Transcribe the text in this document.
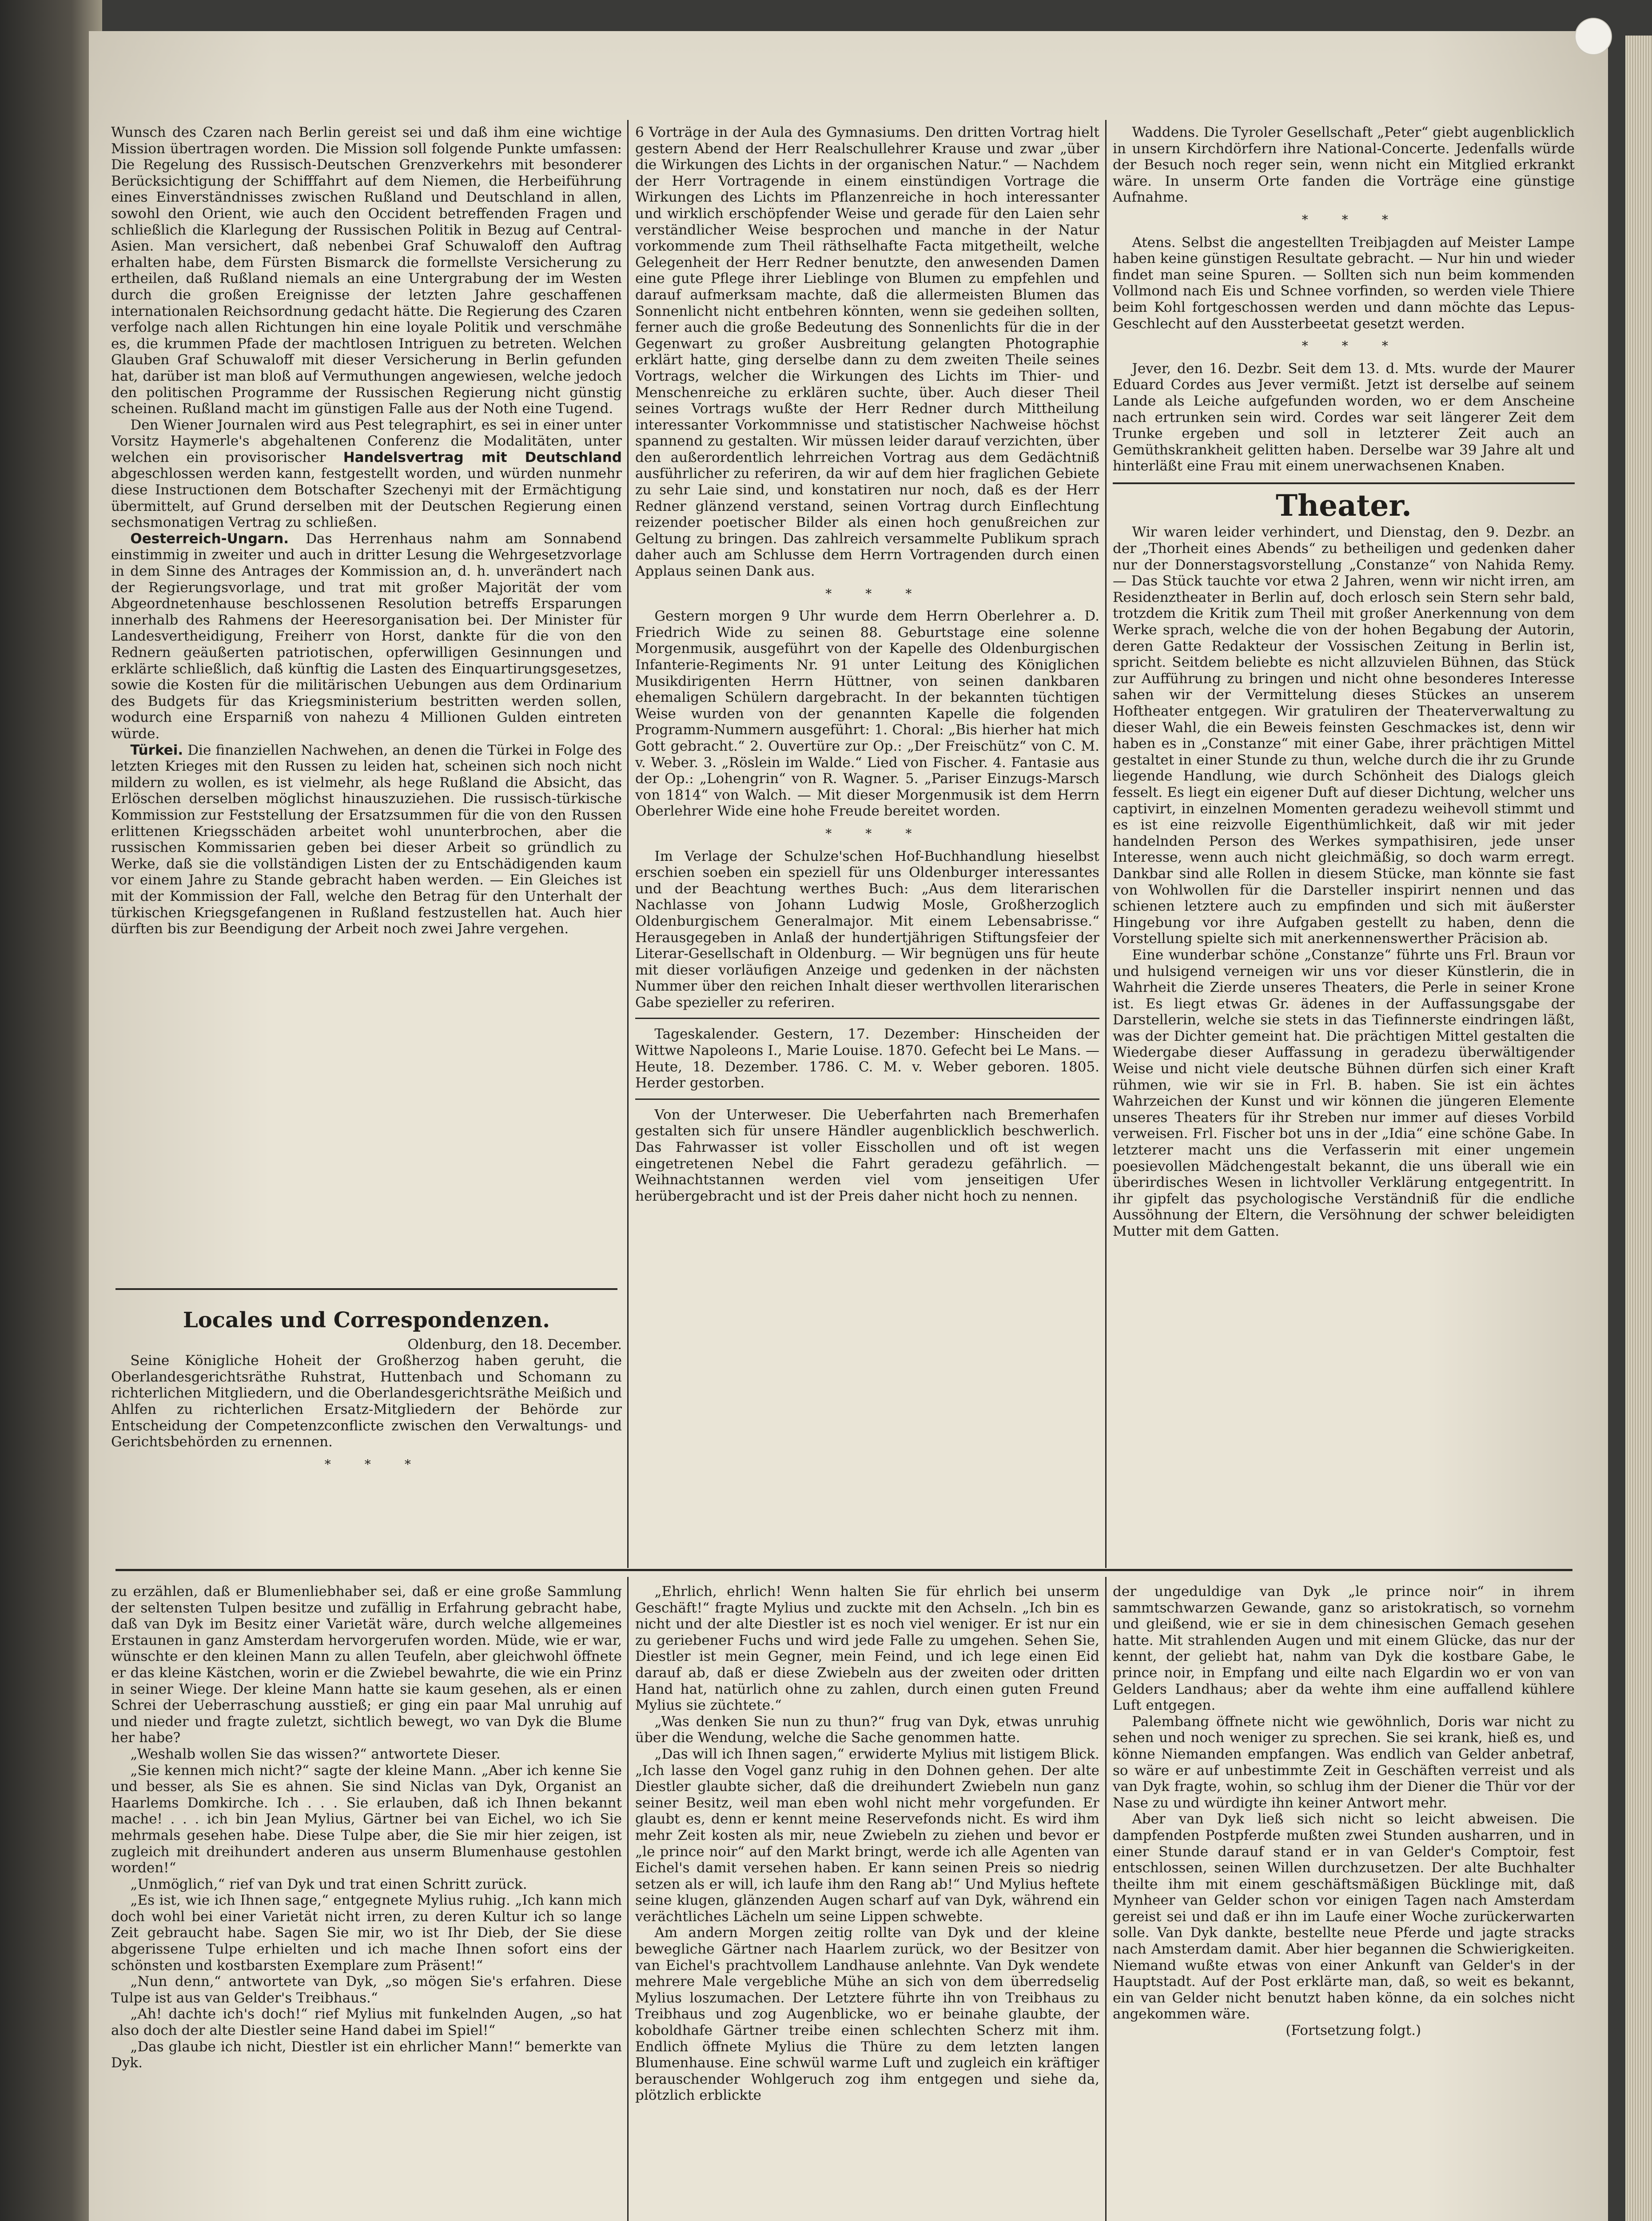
Wunsch des Czaren nach Berlin gereist sei und daß ihm eine wichtige Mission übertragen worden. Die Mission soll folgende Punkte umfassen: Die Regelung des Russisch-Deutschen Grenzverkehrs mit besonderer Berücksichtigung der Schifffahrt auf dem Niemen, die Herbeiführung eines Einverständnisses zwischen Rußland und Deutschland in allen, sowohl den Orient, wie auch den Occident betreffenden Fragen und schließlich die Klarlegung der Russischen Politik in Bezug auf Central-Asien. Man versichert, daß nebenbei Graf Schuwaloff den Auftrag erhalten habe, dem Fürsten Bismarck die formellste Versicherung zu ertheilen, daß Rußland niemals an eine Untergrabung der im Westen durch die großen Ereignisse der letzten Jahre geschaffenen internationalen Reichsordnung gedacht hätte. Die Regierung des Czaren verfolge nach allen Richtungen hin eine loyale Politik und verschmähe es, die krummen Pfade der machtlosen Intriguen zu betreten. Welchen Glauben Graf Schuwaloff mit dieser Versicherung in Berlin gefunden hat, darüber ist man bloß auf Vermuthungen angewiesen, welche jedoch den politischen Programme der Russischen Regierung nicht günstig scheinen. Rußland macht im günstigen Falle aus der Noth eine Tugend.

Den Wiener Journalen wird aus Pest telegraphirt, es sei in einer unter Vorsitz Haymerle's abgehaltenen Conferenz die Modalitäten, unter welchen ein provisorischer Handelsvertrag mit Deutschland abgeschlossen werden kann, festgestellt worden, und würden nunmehr diese Instructionen dem Botschafter Szechenyi mit der Ermächtigung übermittelt, auf Grund derselben mit der Deutschen Regierung einen sechsmonatigen Vertrag zu schließen.

Oesterreich-Ungarn. Das Herrenhaus nahm am Sonnabend einstimmig in zweiter und auch in dritter Lesung die Wehrgesetzvorlage in dem Sinne des Antrages der Kommission an, d. h. unverändert nach der Regierungsvorlage, und trat mit großer Majorität der vom Abgeordnetenhause beschlossenen Resolution betreffs Ersparungen innerhalb des Rahmens der Heeresorganisation bei. Der Minister für Landesvertheidigung, Freiherr von Horst, dankte für die von den Rednern geäußerten patriotischen, opferwilligen Gesinnungen und erklärte schließlich, daß künftig die Lasten des Einquartirungsgesetzes, sowie die Kosten für die militärischen Uebungen aus dem Ordinarium des Budgets für das Kriegsministerium bestritten werden sollen, wodurch eine Ersparniß von nahezu 4 Millionen Gulden eintreten würde.

Türkei. Die finanziellen Nachwehen, an denen die Türkei in Folge des letzten Krieges mit den Russen zu leiden hat, scheinen sich noch nicht mildern zu wollen, es ist vielmehr, als hege Rußland die Absicht, das Erlöschen derselben möglichst hinauszuziehen. Die russisch-türkische Kommission zur Feststellung der Ersatzsummen für die von den Russen erlittenen Kriegsschäden arbeitet wohl ununterbrochen, aber die russischen Kommissarien geben bei dieser Arbeit so gründlich zu Werke, daß sie die vollständigen Listen der zu Entschädigenden kaum vor einem Jahre zu Stande gebracht haben werden. — Ein Gleiches ist mit der Kommission der Fall, welche den Betrag für den Unterhalt der türkischen Kriegsgefangenen in Rußland festzustellen hat. Auch hier dürften bis zur Beendigung der Arbeit noch zwei Jahre vergehen.

Locales und Correspondenzen.

Oldenburg, den 18. December.

Seine Königliche Hoheit der Großherzog haben geruht, die Oberlandesgerichtsräthe Ruhstrat, Huttenbach und Schomann zu richterlichen Mitgliedern, und die Oberlandesgerichtsräthe Meißich und Ahlfen zu richterlichen Ersatz-Mitgliedern der Behörde zur Entscheidung der Competenzconflicte zwischen den Verwaltungs- und Gerichtsbehörden zu ernennen.

* * *

6 Vorträge in der Aula des Gymnasiums. Den dritten Vortrag hielt gestern Abend der Herr Realschullehrer Krause und zwar „über die Wirkungen des Lichts in der organischen Natur.“ — Nachdem der Herr Vortragende in einem einstündigen Vortrage die Wirkungen des Lichts im Pflanzenreiche in hoch interessanter und wirklich erschöpfender Weise und gerade für den Laien sehr verständlicher Weise besprochen und manche in der Natur vorkommende zum Theil räthselhafte Facta mitgetheilt, welche Gelegenheit der Herr Redner benutzte, den anwesenden Damen eine gute Pflege ihrer Lieblinge von Blumen zu empfehlen und darauf aufmerksam machte, daß die allermeisten Blumen das Sonnenlicht nicht entbehren könnten, wenn sie gedeihen sollten, ferner auch die große Bedeutung des Sonnenlichts für die in der Gegenwart zu großer Ausbreitung gelangten Photographie erklärt hatte, ging derselbe dann zu dem zweiten Theile seines Vortrags, welcher die Wirkungen des Lichts im Thier- und Menschenreiche zu erklären suchte, über. Auch dieser Theil seines Vortrags wußte der Herr Redner durch Mittheilung interessanter Vorkommnisse und statistischer Nachweise höchst spannend zu gestalten. Wir müssen leider darauf verzichten, über den außerordentlich lehrreichen Vortrag aus dem Gedächtniß ausführlicher zu referiren, da wir auf dem hier fraglichen Gebiete zu sehr Laie sind, und konstatiren nur noch, daß es der Herr Redner glänzend verstand, seinen Vortrag durch Einflechtung reizender poetischer Bilder als einen hoch genußreichen zur Geltung zu bringen. Das zahlreich versammelte Publikum sprach daher auch am Schlusse dem Herrn Vortragenden durch einen Applaus seinen Dank aus.

* * *

Gestern morgen 9 Uhr wurde dem Herrn Oberlehrer a. D. Friedrich Wide zu seinen 88. Geburtstage eine solenne Morgenmusik, ausgeführt von der Kapelle des Oldenburgischen Infanterie-Regiments Nr. 91 unter Leitung des Königlichen Musikdirigenten Herrn Hüttner, von seinen dankbaren ehemaligen Schülern dargebracht. In der bekannten tüchtigen Weise wurden von der genannten Kapelle die folgenden Programm-Nummern ausgeführt: 1. Choral: „Bis hierher hat mich Gott gebracht.“ 2. Ouvertüre zur Op.: „Der Freischütz“ von C. M. v. Weber. 3. „Röslein im Walde.“ Lied von Fischer. 4. Fantasie aus der Op.: „Lohengrin“ von R. Wagner. 5. „Pariser Einzugs-Marsch von 1814“ von Walch. — Mit dieser Morgenmusik ist dem Herrn Oberlehrer Wide eine hohe Freude bereitet worden.

* * *

Im Verlage der Schulze'schen Hof-Buchhandlung hieselbst erschien soeben ein speziell für uns Oldenburger interessantes und der Beachtung werthes Buch: „Aus dem literarischen Nachlasse von Johann Ludwig Mosle, Großherzoglich Oldenburgischem Generalmajor. Mit einem Lebensabrisse.“ Herausgegeben in Anlaß der hundertjährigen Stiftungsfeier der Literar-Gesellschaft in Oldenburg. — Wir begnügen uns für heute mit dieser vorläufigen Anzeige und gedenken in der nächsten Nummer über den reichen Inhalt dieser werthvollen literarischen Gabe spezieller zu referiren.

Tageskalender. Gestern, 17. Dezember: Hinscheiden der Wittwe Napoleons I., Marie Louise. 1870. Gefecht bei Le Mans. — Heute, 18. Dezember. 1786. C. M. v. Weber geboren. 1805. Herder gestorben.

Von der Unterweser. Die Ueberfahrten nach Bremerhafen gestalten sich für unsere Händler augenblicklich beschwerlich. Das Fahrwasser ist voller Eisschollen und oft ist wegen eingetretenen Nebel die Fahrt geradezu gefährlich. — Weihnachtstannen werden viel vom jenseitigen Ufer herübergebracht und ist der Preis daher nicht hoch zu nennen.

Waddens. Die Tyroler Gesellschaft „Peter“ giebt augenblicklich in unsern Kirchdörfern ihre National-Concerte. Jedenfalls würde der Besuch noch reger sein, wenn nicht ein Mitglied erkrankt wäre. In unserm Orte fanden die Vorträge eine günstige Aufnahme.

* * *

Atens. Selbst die angestellten Treibjagden auf Meister Lampe haben keine günstigen Resultate gebracht. — Nur hin und wieder findet man seine Spuren. — Sollten sich nun beim kommenden Vollmond nach Eis und Schnee vorfinden, so werden viele Thiere beim Kohl fortgeschossen werden und dann möchte das Lepus-Geschlecht auf den Aussterbeetat gesetzt werden.

* * *

Jever, den 16. Dezbr. Seit dem 13. d. Mts. wurde der Maurer Eduard Cordes aus Jever vermißt. Jetzt ist derselbe auf seinem Lande als Leiche aufgefunden worden, wo er dem Anscheine nach ertrunken sein wird. Cordes war seit längerer Zeit dem Trunke ergeben und soll in letzterer Zeit auch an Gemüthskrankheit gelitten haben. Derselbe war 39 Jahre alt und hinterläßt eine Frau mit einem unerwachsenen Knaben.

Theater.

Wir waren leider verhindert, und Dienstag, den 9. Dezbr. an der „Thorheit eines Abends“ zu betheiligen und gedenken daher nur der Donnerstagsvorstellung „Constanze“ von Nahida Remy. — Das Stück tauchte vor etwa 2 Jahren, wenn wir nicht irren, am Residenztheater in Berlin auf, doch erlosch sein Stern sehr bald, trotzdem die Kritik zum Theil mit großer Anerkennung von dem Werke sprach, welche die von der hohen Begabung der Autorin, deren Gatte Redakteur der Vossischen Zeitung in Berlin ist, spricht. Seitdem beliebte es nicht allzuvielen Bühnen, das Stück zur Aufführung zu bringen und nicht ohne besonderes Interesse sahen wir der Vermittelung dieses Stückes an unserem Hoftheater entgegen. Wir gratuliren der Theaterverwaltung zu dieser Wahl, die ein Beweis feinsten Geschmackes ist, denn wir haben es in „Constanze“ mit einer Gabe, ihrer prächtigen Mittel gestaltet in einer Stunde zu thun, welche durch die ihr zu Grunde liegende Handlung, wie durch Schönheit des Dialogs gleich fesselt. Es liegt ein eigener Duft auf dieser Dichtung, welcher uns captivirt, in einzelnen Momenten geradezu weihevoll stimmt und es ist eine reizvolle Eigenthümlichkeit, daß wir mit jeder handelnden Person des Werkes sympathisiren, jede unser Interesse, wenn auch nicht gleichmäßig, so doch warm erregt. Dankbar sind alle Rollen in diesem Stücke, man könnte sie fast von Wohlwollen für die Darsteller inspirirt nennen und das schienen letztere auch zu empfinden und sich mit äußerster Hingebung vor ihre Aufgaben gestellt zu haben, denn die Vorstellung spielte sich mit anerkennenswerther Präcision ab.

Eine wunderbar schöne „Constanze“ führte uns Frl. Braun vor und hulsigend verneigen wir uns vor dieser Künstlerin, die in Wahrheit die Zierde unseres Theaters, die Perle in seiner Krone ist. Es liegt etwas Gr. ädenes in der Auffassungsgabe der Darstellerin, welche sie stets in das Tiefinnerste eindringen läßt, was der Dichter gemeint hat. Die prächtigen Mittel gestalten die Wiedergabe dieser Auffassung in geradezu überwältigender Weise und nicht viele deutsche Bühnen dürfen sich einer Kraft rühmen, wie wir sie in Frl. B. haben. Sie ist ein ächtes Wahrzeichen der Kunst und wir können die jüngeren Elemente unseres Theaters für ihr Streben nur immer auf dieses Vorbild verweisen. Frl. Fischer bot uns in der „Idia“ eine schöne Gabe. In letzterer macht uns die Verfasserin mit einer ungemein poesievollen Mädchengestalt bekannt, die uns überall wie ein überirdisches Wesen in lichtvoller Verklärung entgegentritt. In ihr gipfelt das psychologische Verständniß für die endliche Aussöhnung der Eltern, die Versöhnung der schwer beleidigten Mutter mit dem Gatten.

zu erzählen, daß er Blumenliebhaber sei, daß er eine große Sammlung der seltensten Tulpen besitze und zufällig in Erfahrung gebracht habe, daß van Dyk im Besitz einer Varietät wäre, durch welche allgemeines Erstaunen in ganz Amsterdam hervorgerufen worden. Müde, wie er war, wünschte er den kleinen Mann zu allen Teufeln, aber gleichwohl öffnete er das kleine Kästchen, worin er die Zwiebel bewahrte, die wie ein Prinz in seiner Wiege. Der kleine Mann hatte sie kaum gesehen, als er einen Schrei der Ueberraschung ausstieß; er ging ein paar Mal unruhig auf und nieder und fragte zuletzt, sichtlich bewegt, wo van Dyk die Blume her habe?

„Weshalb wollen Sie das wissen?“ antwortete Dieser.

„Sie kennen mich nicht?“ sagte der kleine Mann. „Aber ich kenne Sie und besser, als Sie es ahnen. Sie sind Niclas van Dyk, Organist an Haarlems Domkirche. Ich . . . Sie erlauben, daß ich Ihnen bekannt mache! . . . ich bin Jean Mylius, Gärtner bei van Eichel, wo ich Sie mehrmals gesehen habe. Diese Tulpe aber, die Sie mir hier zeigen, ist zugleich mit dreihundert anderen aus unserm Blumenhause gestohlen worden!“

„Unmöglich,“ rief van Dyk und trat einen Schritt zurück.

„Es ist, wie ich Ihnen sage,“ entgegnete Mylius ruhig. „Ich kann mich doch wohl bei einer Varietät nicht irren, zu deren Kultur ich so lange Zeit gebraucht habe. Sagen Sie mir, wo ist Ihr Dieb, der Sie diese abgerissene Tulpe erhielten und ich mache Ihnen sofort eins der schönsten und kostbarsten Exemplare zum Präsent!“

„Nun denn,“ antwortete van Dyk, „so mögen Sie's erfahren. Diese Tulpe ist aus van Gelder's Treibhaus.“

„Ah! dachte ich's doch!“ rief Mylius mit funkelnden Augen, „so hat also doch der alte Diestler seine Hand dabei im Spiel!“

„Das glaube ich nicht, Diestler ist ein ehrlicher Mann!“ bemerkte van Dyk.

„Ehrlich, ehrlich! Wenn halten Sie für ehrlich bei unserm Geschäft!“ fragte Mylius und zuckte mit den Achseln. „Ich bin es nicht und der alte Diestler ist es noch viel weniger. Er ist nur ein zu geriebener Fuchs und wird jede Falle zu umgehen. Sehen Sie, Diestler ist mein Gegner, mein Feind, und ich lege einen Eid darauf ab, daß er diese Zwiebeln aus der zweiten oder dritten Hand hat, natürlich ohne zu zahlen, durch einen guten Freund Mylius sie züchtete.“

„Was denken Sie nun zu thun?“ frug van Dyk, etwas unruhig über die Wendung, welche die Sache genommen hatte.

„Das will ich Ihnen sagen,“ erwiderte Mylius mit listigem Blick. „Ich lasse den Vogel ganz ruhig in den Dohnen gehen. Der alte Diestler glaubte sicher, daß die dreihundert Zwiebeln nun ganz seiner Besitz, weil man eben wohl nicht mehr vorgefunden. Er glaubt es, denn er kennt meine Reservefonds nicht. Es wird ihm mehr Zeit kosten als mir, neue Zwiebeln zu ziehen und bevor er „le prince noir“ auf den Markt bringt, werde ich alle Agenten van Eichel's damit versehen haben. Er kann seinen Preis so niedrig setzen als er will, ich laufe ihm den Rang ab!“ Und Mylius heftete seine klugen, glänzenden Augen scharf auf van Dyk, während ein verächtliches Lächeln um seine Lippen schwebte.

Am andern Morgen zeitig rollte van Dyk und der kleine bewegliche Gärtner nach Haarlem zurück, wo der Besitzer von van Eichel's prachtvollem Landhause anlehnte. Van Dyk wendete mehrere Male vergebliche Mühe an sich von dem überredselig Mylius loszumachen. Der Letztere führte ihn von Treibhaus zu Treibhaus und zog Augenblicke, wo er beinahe glaubte, der koboldhafe Gärtner treibe einen schlechten Scherz mit ihm. Endlich öffnete Mylius die Thüre zu dem letzten langen Blumenhause. Eine schwül warme Luft und zugleich ein kräftiger berauschender Wohlgeruch zog ihm entgegen und siehe da, plötzlich erblickte

der ungeduldige van Dyk „le prince noir“ in ihrem sammtschwarzen Gewande, ganz so aristokratisch, so vornehm und gleißend, wie er sie in dem chinesischen Gemach gesehen hatte. Mit strahlenden Augen und mit einem Glücke, das nur der kennt, der geliebt hat, nahm van Dyk die kostbare Gabe, le prince noir, in Empfang und eilte nach Elgardin wo er von van Gelders Landhaus; aber da wehte ihm eine auffallend kühlere Luft entgegen.

Palembang öffnete nicht wie gewöhnlich, Doris war nicht zu sehen und noch weniger zu sprechen. Sie sei krank, hieß es, und könne Niemanden empfangen. Was endlich van Gelder anbetraf, so wäre er auf unbestimmte Zeit in Geschäften verreist und als van Dyk fragte, wohin, so schlug ihm der Diener die Thür vor der Nase zu und würdigte ihn keiner Antwort mehr.

Aber van Dyk ließ sich nicht so leicht abweisen. Die dampfenden Postpferde mußten zwei Stunden ausharren, und in einer Stunde darauf stand er in van Gelder's Comptoir, fest entschlossen, seinen Willen durchzusetzen. Der alte Buchhalter theilte ihm mit einem geschäftsmäßigen Bücklinge mit, daß Mynheer van Gelder schon vor einigen Tagen nach Amsterdam gereist sei und daß er ihn im Laufe einer Woche zurückerwarten solle. Van Dyk dankte, bestellte neue Pferde und jagte stracks nach Amsterdam damit. Aber hier begannen die Schwierigkeiten. Niemand wußte etwas von einer Ankunft van Gelder's in der Hauptstadt. Auf der Post erklärte man, daß, so weit es bekannt, ein van Gelder nicht benutzt haben könne, da ein solches nicht angekommen wäre.

(Fortsetzung folgt.)
